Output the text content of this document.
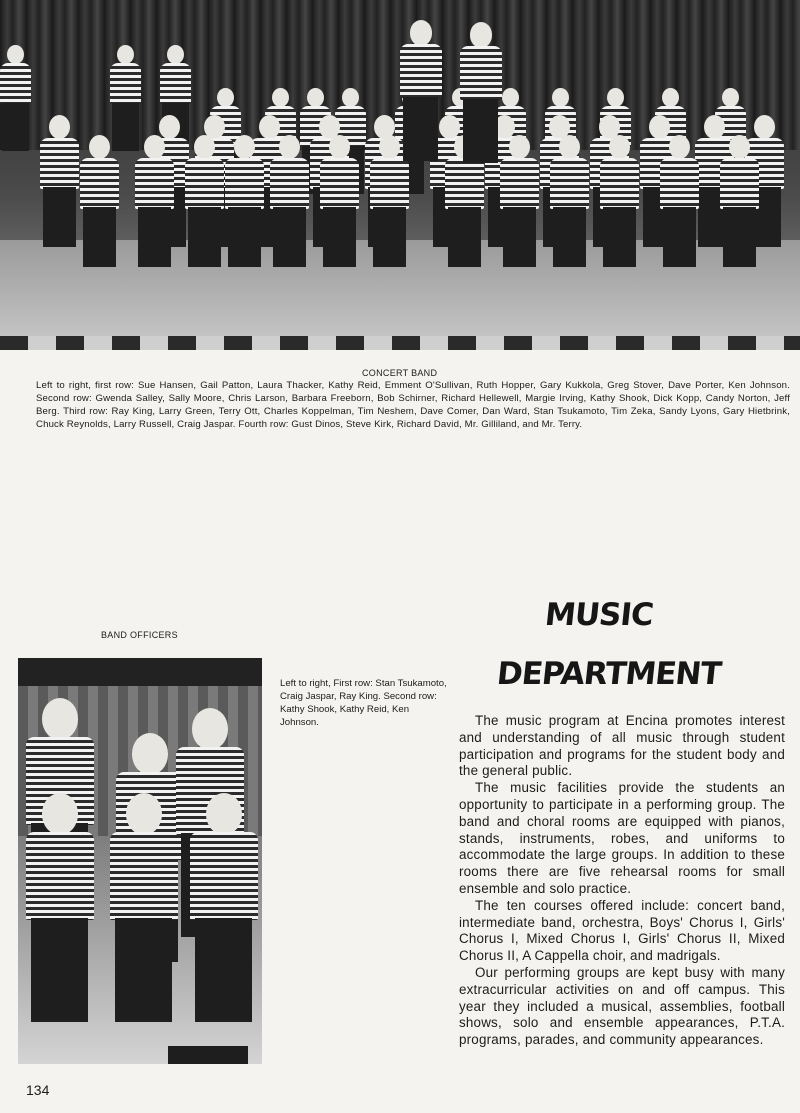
CONCERT BAND
Left to right, first row: Sue Hansen, Gail Patton, Laura Thacker, Kathy Reid, Emment O'Sullivan, Ruth Hopper, Gary Kukkola, Greg Stover, Dave Porter, Ken Johnson. Second row: Gwenda Salley, Sally Moore, Chris Larson, Barbara Freeborn, Bob Schirner, Richard Hellewell, Margie Irving, Kathy Shook, Dick Kopp, Candy Norton, Jeff Berg. Third row: Ray King, Larry Green, Terry Ott, Charles Koppelman, Tim Neshem, Dave Comer, Dan Ward, Stan Tsukamoto, Tim Zeka, Sandy Lyons, Gary Hietbrink, Chuck Reynolds, Larry Russell, Craig Jaspar. Fourth row: Gust Dinos, Steve Kirk, Richard David, Mr. Gilliland, and Mr. Terry.
BAND OFFICERS
Left to right, First row: Stan Tsukamoto, Craig Jaspar, Ray King. Second row: Kathy Shook, Kathy Reid, Ken Johnson.
MUSIC
DEPARTMENT

The music program at Encina promotes interest and understanding of all music through student participation and programs for the student body and the general public.

The music facilities provide the students an opportunity to participate in a performing group. The band and choral rooms are equipped with pianos, stands, instruments, robes, and uniforms to accommodate the large groups. In addition to these rooms there are five rehearsal rooms for small ensemble and solo practice.

The ten courses offered include: concert band, intermediate band, orchestra, Boys' Chorus I, Girls' Chorus I, Mixed Chorus I, Girls' Chorus II, Mixed Chorus II, A Cappella choir, and madrigals.

Our performing groups are kept busy with many extracurricular activities on and off campus. This year they included a musical, assemblies, football shows, solo and ensemble appearances, P.T.A. programs, parades, and community appearances.

134
